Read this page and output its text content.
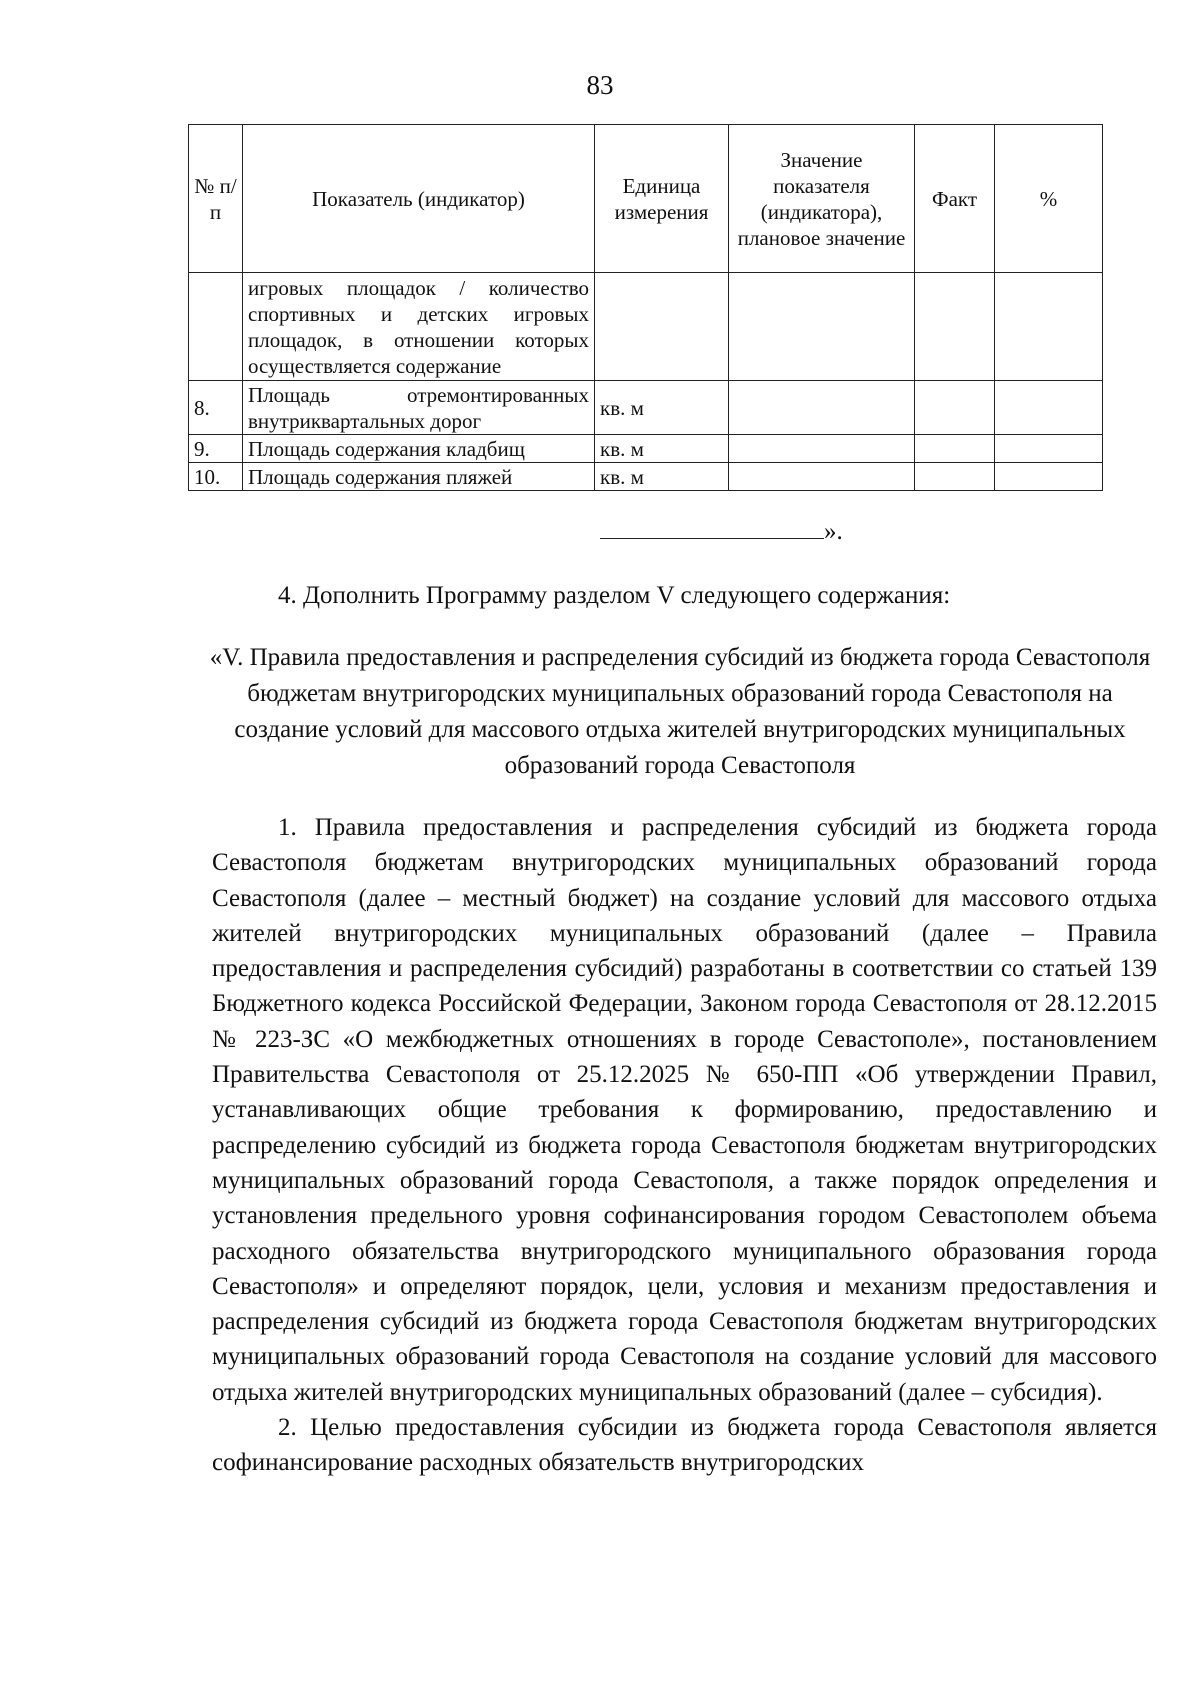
83
№ п/п	Показатель (индикатор)	Единица измерения	Значение показателя (индикатора), плановое значение	Факт	%
	игровых площадок / количество спортивных и детских игровых площадок, в отношении которых осуществляется содержание				
8.	Площадь отремонтированных внутриквартальных дорог	кв. м			
9.	Площадь содержания кладбищ	кв. м			
10.	Площадь содержания пляжей	кв. м			
».
4. Дополнить Программу разделом V следующего содержания:
«V. Правила предоставления и распределения субсидий из бюджета города Севастополя бюджетам внутригородских муниципальных образований города Севастополя на создание условий для массового отдыха жителей внутригородских муниципальных образований города Севастополя

1. Правила предоставления и распределения субсидий из бюджета города Севастополя бюджетам внутригородских муниципальных образований города Севастополя (далее – местный бюджет) на создание условий для массового отдыха жителей внутригородских муниципальных образований (далее – Правила предоставления и распределения субсидий) разработаны в соответствии со статьей 139 Бюджетного кодекса Российской Федерации, Законом города Севастополя от 28.12.2015 № 223-ЗС «О межбюджетных отношениях в городе Севастополе», постановлением Правительства Севастополя от 25.12.2025 № 650-ПП «Об утверждении Правил, устанавливающих общие требования к формированию, предоставлению и распределению субсидий из бюджета города Севастополя бюджетам внутригородских муниципальных образований города Севастополя, а также порядок определения и установления предельного уровня софинансирования городом Севастополем объема расходного обязательства внутригородского муниципального образования города Севастополя» и определяют порядок, цели, условия и механизм предоставления и распределения субсидий из бюджета города Севастополя бюджетам внутригородских муниципальных образований города Севастополя на создание условий для массового отдыха жителей внутригородских муниципальных образований (далее – субсидия).

2. Целью предоставления субсидии из бюджета города Севастополя является софинансирование расходных обязательств внутригородских
